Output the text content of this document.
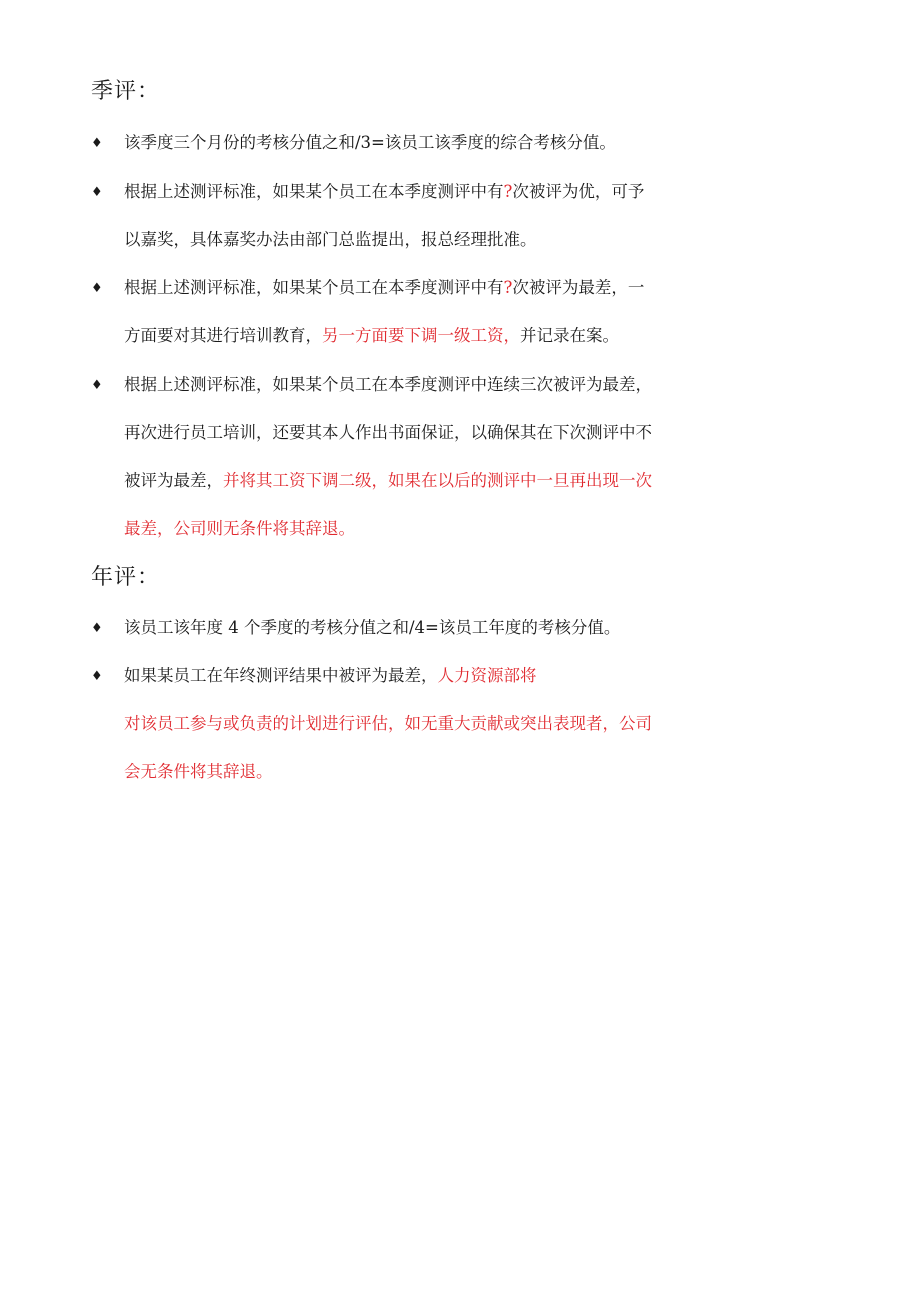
季评：
♦ 该季度三个月份的考核分值之和/3=该员工该季度的综合考核分值。
♦ 根据上述测评标准，如果某个员工在本季度测评中有?次被评为优，可予
以嘉奖，具体嘉奖办法由部门总监提出，报总经理批准。
♦ 根据上述测评标准，如果某个员工在本季度测评中有?次被评为最差，一
方面要对其进行培训教育，另一方面要下调一级工资，并记录在案。
♦ 根据上述测评标准，如果某个员工在本季度测评中连续三次被评为最差，
再次进行员工培训，还要其本人作出书面保证，以确保其在下次测评中不
被评为最差，并将其工资下调二级，如果在以后的测评中一旦再出现一次
最差，公司则无条件将其辞退。
年评：
♦ 该员工该年度 4 个季度的考核分值之和/4=该员工年度的考核分值。
♦ 如果某员工在年终测评结果中被评为最差，人力资源部将
对该员工参与或负责的计划进行评估，如无重大贡献或突出表现者，公司
会无条件将其辞退。
